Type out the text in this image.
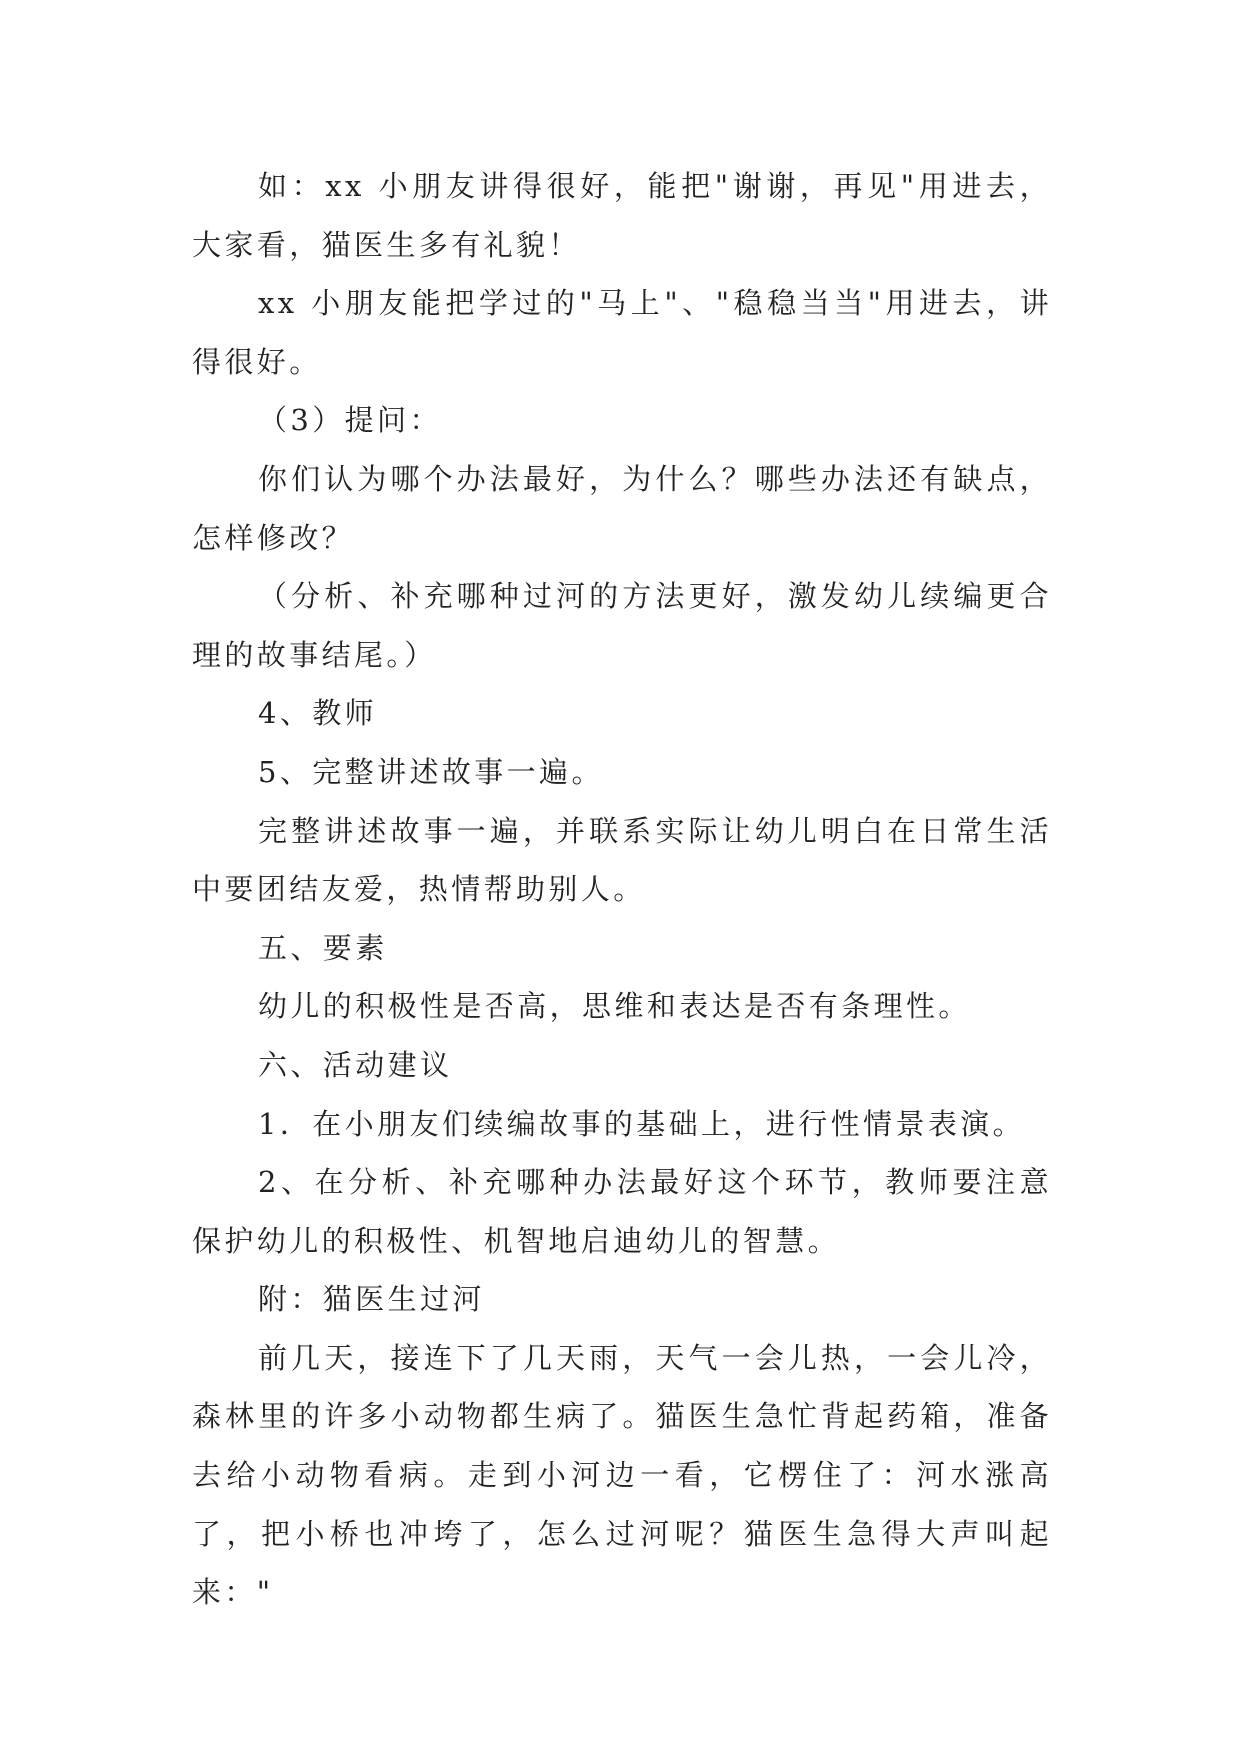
如：xx 小朋友讲得很好，能把"谢谢，再见"用进去，大家看，猫医生多有礼貌！

xx 小朋友能把学过的"马上"、"稳稳当当"用进去，讲得很好。

（3）提问：

你们认为哪个办法最好，为什么？哪些办法还有缺点，怎样修改？

（分析、补充哪种过河的方法更好，激发幼儿续编更合理的故事结尾。）

4、教师

5、完整讲述故事一遍。

完整讲述故事一遍，并联系实际让幼儿明白在日常生活中要团结友爱，热情帮助别人。

五、要素

幼儿的积极性是否高，思维和表达是否有条理性。

六、活动建议

1．在小朋友们续编故事的基础上，进行性情景表演。

2、在分析、补充哪种办法最好这个环节，教师要注意保护幼儿的积极性、机智地启迪幼儿的智慧。

附：猫医生过河

前几天，接连下了几天雨，天气一会儿热，一会儿冷，森林里的许多小动物都生病了。猫医生急忙背起药箱，准备去给小动物看病。走到小河边一看，它楞住了：河水涨高了，把小桥也冲垮了，怎么过河呢？猫医生急得大声叫起来："
